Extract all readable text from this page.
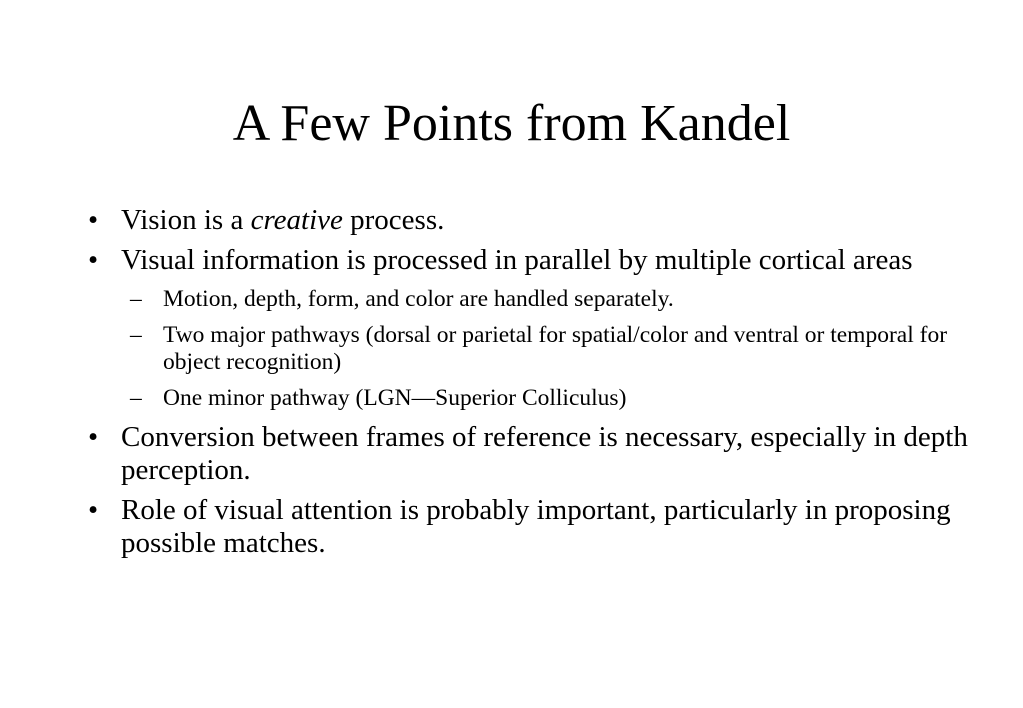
A Few Points from Kandel
• Vision is a creative process.
• Visual information is processed in parallel by multiple cortical areas
– Motion, depth, form, and color are handled separately.
– Two major pathways (dorsal or parietal for spatial/color and ventral or temporal for object recognition)
– One minor pathway (LGN—Superior Colliculus)
• Conversion between frames of reference is necessary, especially in depth perception.
• Role of visual attention is probably important, particularly in proposing possible matches.
